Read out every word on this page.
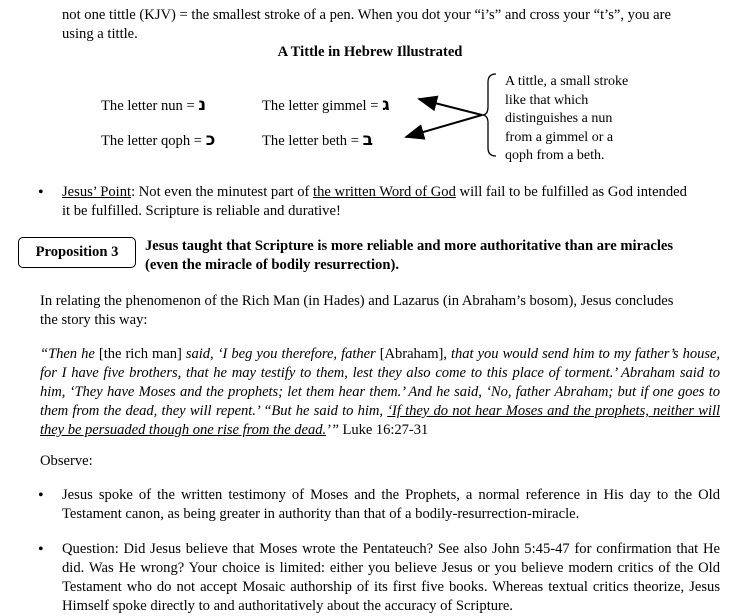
not one tittle (KJV) = the smallest stroke of a pen. When you dot your “i’s” and cross your “t’s”, you are
using a tittle.
A Tittle in Hebrew Illustrated
The letter nun = נ	The letter gimmel = ג
The letter qoph = כ	The letter beth = ב
A tittle, a small stroke
like that which
distinguishes a nun
from a gimmel or a
qoph from a beth.
• Jesus’ Point: Not even the minutest part of the written Word of God will fail to be fulfilled as God intended
it be fulfilled. Scripture is reliable and durative!
Proposition 3	Jesus taught that Scripture is more reliable and more authoritative than are miracles
(even the miracle of bodily resurrection).
In relating the phenomenon of the Rich Man (in Hades) and Lazarus (in Abraham’s bosom), Jesus concludes
the story this way:
“Then he [the rich man] said, ‘I beg you therefore, father [Abraham], that you would send him to my father’s house, for I have five brothers, that he may testify to them, lest they also come to this place of torment.’ Abraham said to him, ‘They have Moses and the prophets; let them hear them.’ And he said, ‘No, father Abraham; but if one goes to them from the dead, they will repent.’ “But he said to him, ‘If they do not hear Moses and the prophets, neither will they be persuaded though one rise from the dead.’” Luke 16:27-31
Observe:
• Jesus spoke of the written testimony of Moses and the Prophets, a normal reference in His day to the Old Testament canon, as being greater in authority than that of a bodily-resurrection-miracle.
• Question: Did Jesus believe that Moses wrote the Pentateuch? See also John 5:45-47 for confirmation that He did. Was He wrong? Your choice is limited: either you believe Jesus or you believe modern critics of the Old Testament who do not accept Mosaic authorship of its first five books. Whereas textual critics theorize, Jesus Himself spoke directly to and authoritatively about the accuracy of Scripture.
